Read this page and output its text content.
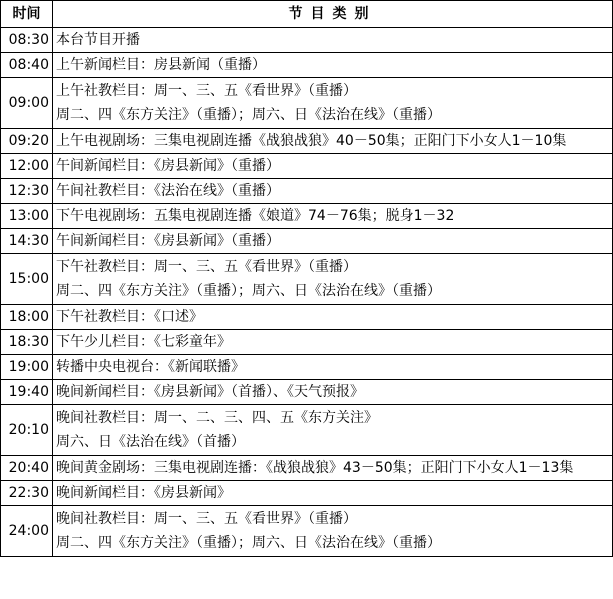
时间	节目类别
08:30	本台节目开播

08:40	上午新闻栏目：房县新闻（重播）

09:00	上午社教栏目：周一、三、五《看世界》（重播）
周二、四《东方关注》（重播）；周六、日《法治在线》（重播）

09:20	上午电视剧场：三集电视剧连播《战狼战狼》40－50集；正阳门下小女人1－10集

12:00	午间新闻栏目：《房县新闻》（重播）

12:30	午间社教栏目：《法治在线》（重播）

13:00	下午电视剧场：五集电视剧连播《娘道》74－76集；脱身1－32

14:30	午间新闻栏目：《房县新闻》（重播）

15:00	下午社教栏目：周一、三、五《看世界》（重播）
周二、四《东方关注》（重播）；周六、日《法治在线》（重播）

18:00	下午社教栏目：《口述》

18:30	下午少儿栏目：《七彩童年》

19:00	转播中央电视台：《新闻联播》

19:40	晚间新闻栏目：《房县新闻》（首播）、《天气预报》

20:10	晚间社教栏目：周一、二、三、四、五《东方关注》
周六、日《法治在线》（首播）

20:40	晚间黄金剧场：三集电视剧连播：《战狼战狼》43－50集；正阳门下小女人1－13集

22:30	晚间新闻栏目：《房县新闻》

24:00	晚间社教栏目：周一、三、五《看世界》（重播）
周二、四《东方关注》（重播）；周六、日《法治在线》（重播）
